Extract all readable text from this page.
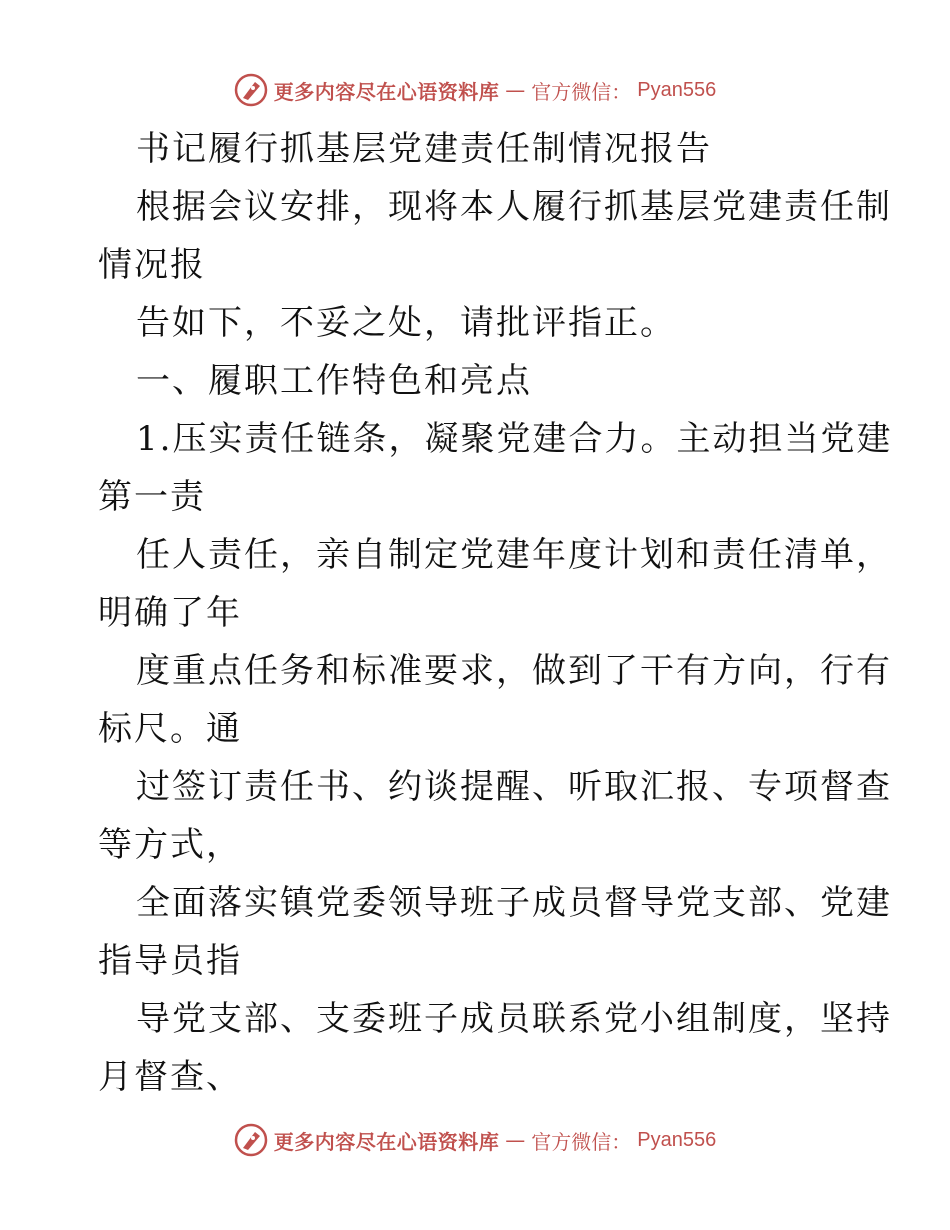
更多内容尽在心语资料库 — 官方微信： Pyan556
书记履行抓基层党建责任制情况报告
根据会议安排，现将本人履行抓基层党建责任制
情况报
告如下，不妥之处，请批评指正。
一、履职工作特色和亮点
1.压实责任链条，凝聚党建合力。主动担当党建
第一责
任人责任，亲自制定党建年度计划和责任清单，
明确了年
度重点任务和标准要求，做到了干有方向，行有
标尺。通
过签订责任书、约谈提醒、听取汇报、专项督查
等方式，
全面落实镇党委领导班子成员督导党支部、党建
指导员指
导党支部、支委班子成员联系党小组制度，坚持
月督查、
更多内容尽在心语资料库 — 官方微信： Pyan556
